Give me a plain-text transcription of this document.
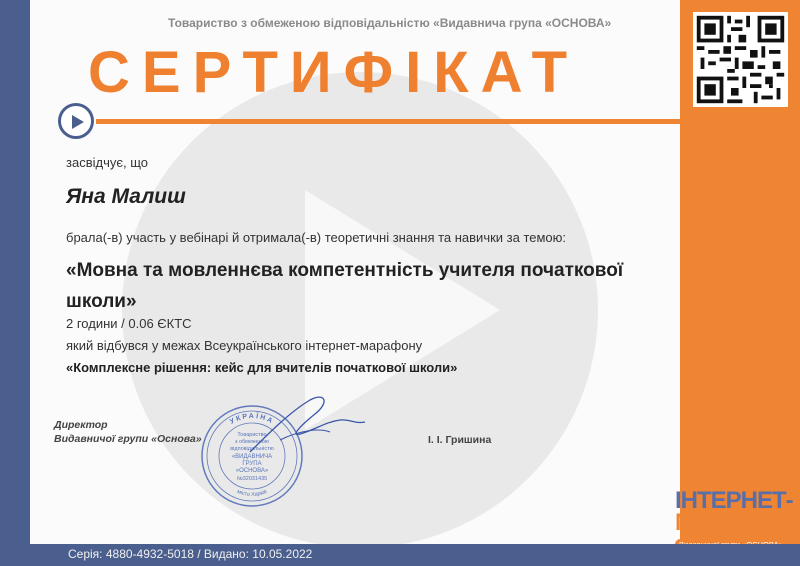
Товариство з обмеженою відповідальністю «Видавнича група «ОСНОВА»
СЕРТИФІКАТ
засвідчує, що
Яна Малиш
брала(-в) участь у вебінарі й отримала(-в) теоретичні знання та навички за темою:
«Мовна та мовленнєва компетентність учителя початкової школи»
2 години / 0.06 ЄКТС
який відбувся у межах Всеукраїнського інтернет-марафону
«Комплексне рішення: кейс для вчителів початкової школи»
Директор
Видавничої групи «Основа»	І. І. Гришина
УКРАЇНА
місто Харків
Товариство
з обмеженою
відповідальністю
«ВИДАВНИЧА
ГРУПА
«ОСНОВА»
№32031435
ІНТЕРНЕТ-
МАРАФОН
Серія: 4880-4932-5018 / Видано: 10.05.2022
